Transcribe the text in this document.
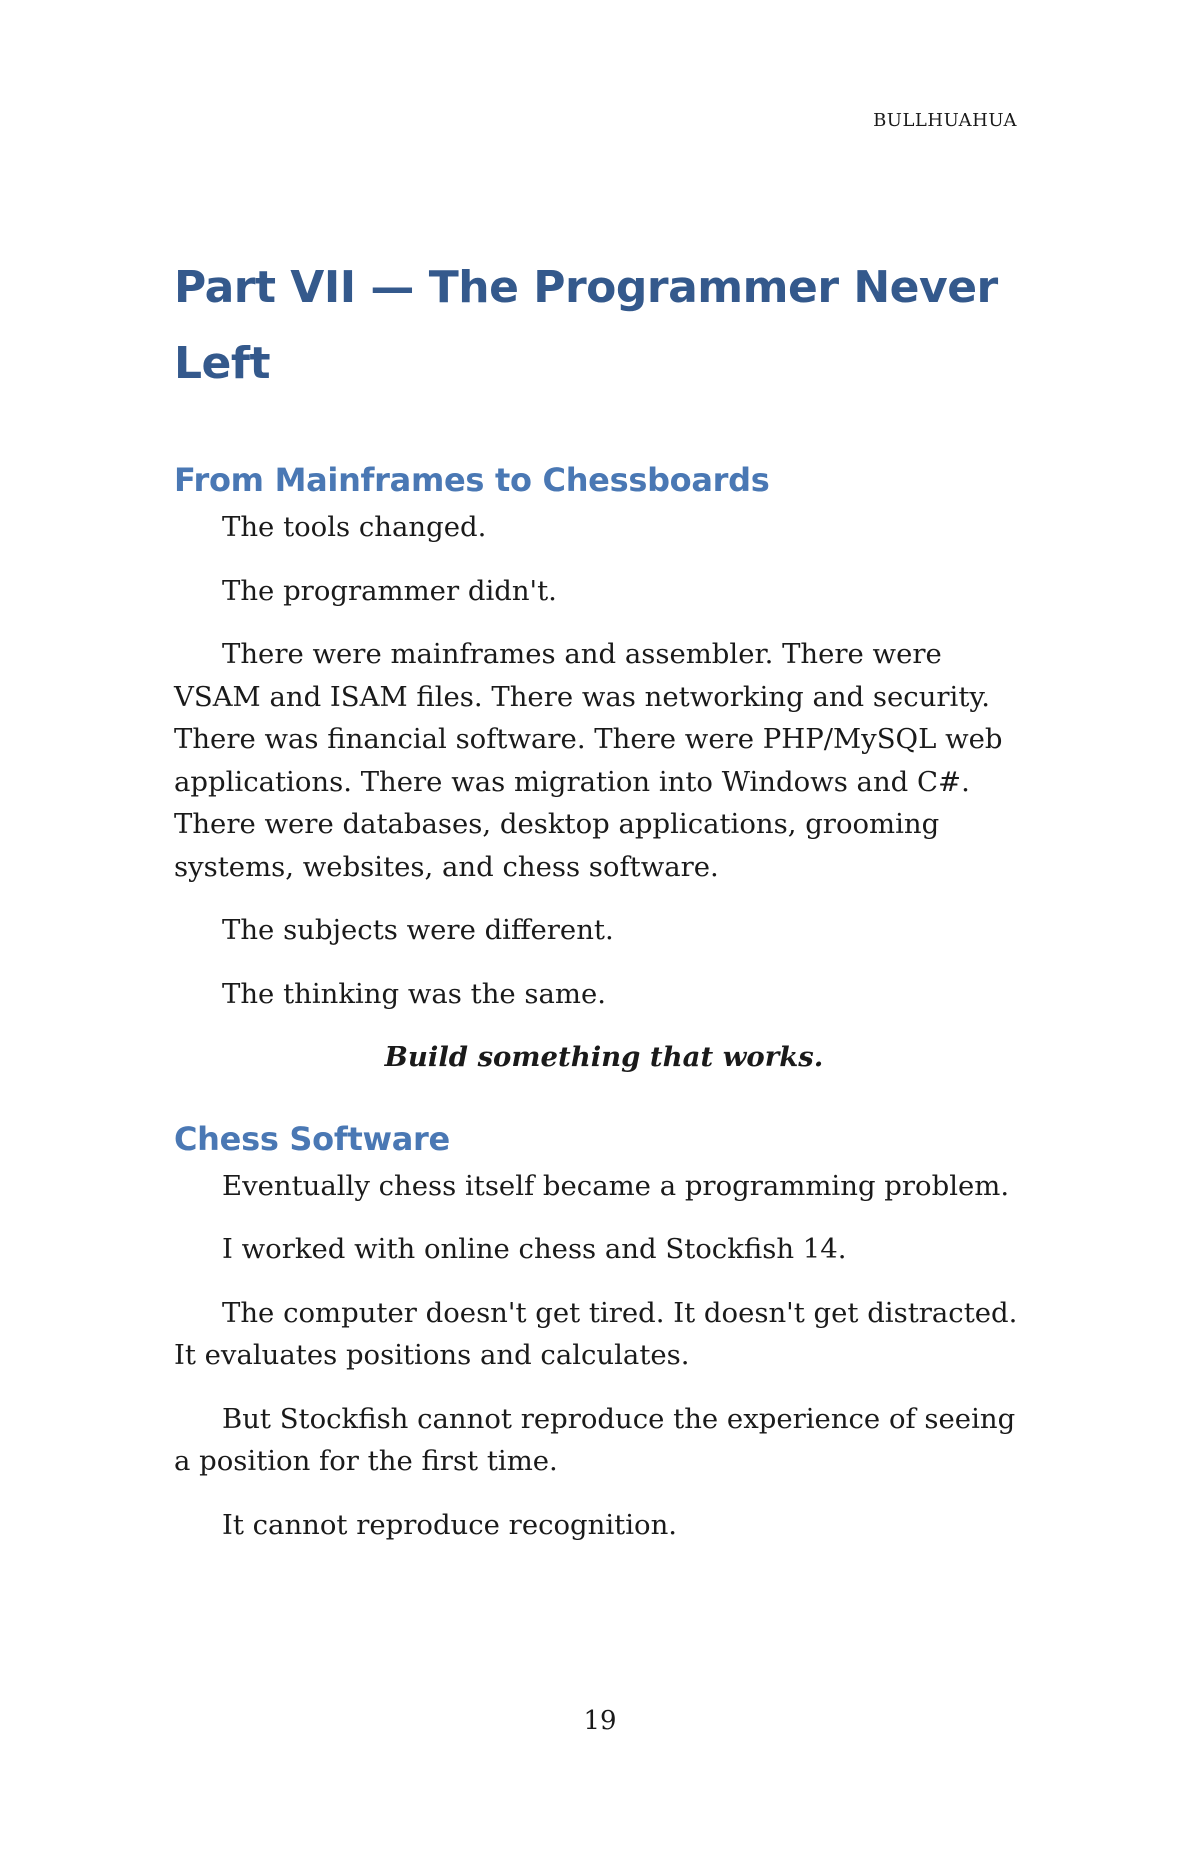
BULLHUAHUA
Part VII — The Programmer Never Left
From Mainframes to Chessboards

The tools changed.

The programmer didn't.

There were mainframes and assembler. There were VSAM and ISAM files. There was networking and security. There was financial software. There were PHP/MySQL web applications. There was migration into Windows and C#. There were databases, desktop applications, grooming systems, websites, and chess software.

The subjects were different.

The thinking was the same.

Build something that works.

Chess Software

Eventually chess itself became a programming problem.

I worked with online chess and Stockfish 14.

The computer doesn't get tired. It doesn't get distracted. It evaluates positions and calculates.

But Stockfish cannot reproduce the experience of seeing a position for the first time.

It cannot reproduce recognition.

19
